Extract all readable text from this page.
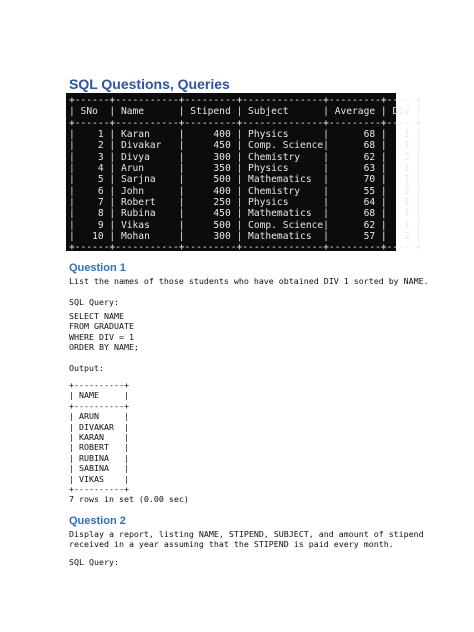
SQL Questions, Queries
+------+-----------+---------+--------------+---------+-----+
| SNo  | Name      | Stipend | Subject      | Average | Div |
+------+-----------+---------+--------------+---------+-----+
|    1 | Karan     |     400 | Physics      |      68 |   1 |
|    2 | Divakar   |     450 | Comp. Science|      68 |   1 |
|    3 | Divya     |     300 | Chemistry    |      62 |   2 |
|    4 | Arun      |     350 | Physics      |      63 |   1 |
|    5 | Sarjna    |     500 | Mathematics  |      70 |   1 |
|    6 | John      |     400 | Chemistry    |      55 |   2 |
|    7 | Robert    |     250 | Physics      |      64 |   1 |
|    8 | Rubina    |     450 | Mathematics  |      68 |   1 |
|    9 | Vikas     |     500 | Comp. Science|      62 |   1 |
|   10 | Mohan     |     300 | Mathematics  |      57 |   2 |
+------+-----------+---------+--------------+---------+-----+
Question 1

List the names of those students who have obtained DIV 1 sorted by NAME.

SQL Query:

SELECT NAME
FROM GRADUATE
WHERE DIV = 1
ORDER BY NAME;

Output:

+----------+
| NAME     |
+----------+
| ARUN     |
| DIVAKAR  |
| KARAN    |
| ROBERT   |
| RUBINA   |
| SABINA   |
| VIKAS    |
+----------+

7 rows in set (0.00 sec)

Question 2

Display a report, listing NAME, STIPEND, SUBJECT, and amount of stipend
received in a year assuming that the STIPEND is paid every month.

SQL Query:
